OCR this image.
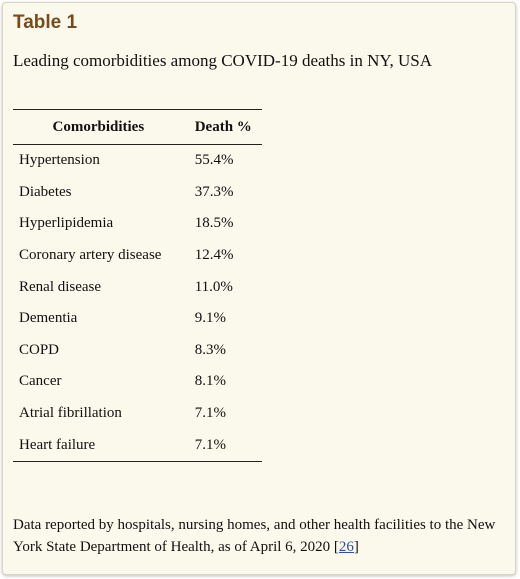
Table 1

Leading comorbidities among COVID-19 deaths in NY, USA

Comorbidities	Death %
Hypertension	55.4%
Diabetes	37.3%
Hyperlipidemia	18.5%
Coronary artery disease	12.4%
Renal disease	11.0%
Dementia	9.1%
COPD	8.3%
Cancer	8.1%
Atrial fibrillation	7.1%
Heart failure	7.1%

Data reported by hospitals, nursing homes, and other health facilities to the New York State Department of Health, as of April 6, 2020 [26]
